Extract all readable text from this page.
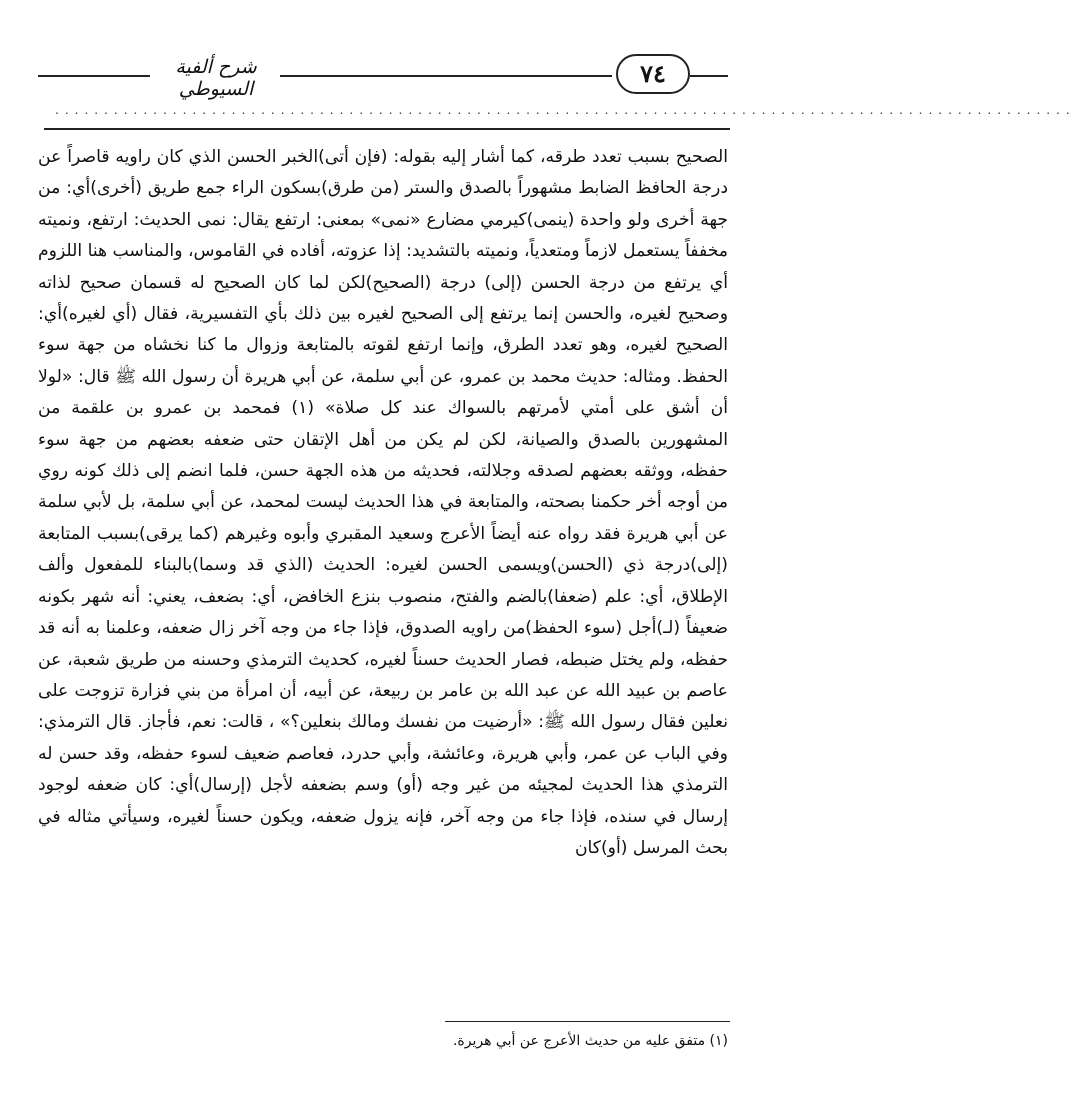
شرح ألفية السيوطي
٧٤
........................................................................................................

الصحيح بسبب تعدد طرقه، كما أشار إليه بقوله: (فإن أتى)الخبر الحسن الذي كان راويه قاصراً عن درجة الحافظ الضابط مشهوراً بالصدق والستر (من طرق)بسكون الراء جمع طريق (أخرى)أي: من جهة أخرى ولو واحدة (ينمى)كيرمي مضارع «نمى» بمعنى: ارتفع يقال: نمى الحديث: ارتفع، ونميته مخففاً يستعمل لازماً ومتعدياً، ونميته بالتشديد: إذا عزوته، أفاده في القاموس، والمناسب هنا اللزوم أي يرتفع من درجة الحسن (إلى) درجة (الصحيح)لكن لما كان الصحيح له قسمان صحيح لذاته وصحيح لغيره، والحسن إنما يرتفع إلى الصحيح لغيره بين ذلك بأي التفسيرية، فقال (أي لغيره)أي: الصحيح لغيره، وهو تعدد الطرق، وإنما ارتفع لقوته بالمتابعة وزوال ما كنا نخشاه من جهة سوء الحفظ. ومثاله: حديث محمد بن عمرو، عن أبي سلمة، عن أبي هريرة أن رسول الله ﷺ قال: «لولا أن أشق على أمتي لأمرتهم بالسواك عند كل صلاة» (١) فمحمد بن عمرو بن علقمة من المشهورين بالصدق والصيانة، لكن لم يكن من أهل الإتقان حتى ضعفه بعضهم من جهة سوء حفظه، ووثقه بعضهم لصدقه وجلالته، فحديثه من هذه الجهة حسن، فلما انضم إلى ذلك كونه روي من أوجه أخر حكمنا بصحته، والمتابعة في هذا الحديث ليست لمحمد، عن أبي سلمة، بل لأبي سلمة عن أبي هريرة فقد رواه عنه أيضاً الأعرج وسعيد المقبري وأبوه وغيرهم (كما يرقى)بسبب المتابعة (إلى)درجة ذي (الحسن)ويسمى الحسن لغيره: الحديث (الذي قد وسما)بالبناء للمفعول وألف الإطلاق، أي: علم (ضعفا)بالضم والفتح، منصوب بنزع الخافض، أي: بضعف، يعني: أنه شهر بكونه ضعيفاً (لـ)أجل (سوء الحفظ)من راويه الصدوق، فإذا جاء من وجه آخر زال ضعفه، وعلمنا به أنه قد حفظه، ولم يختل ضبطه، فصار الحديث حسناً لغيره، كحديث الترمذي وحسنه من طريق شعبة، عن عاصم بن عبيد الله عن عبد الله بن عامر بن ربيعة، عن أبيه، أن امرأة من بني فزارة تزوجت على نعلين فقال رسول الله ﷺ: «أرضيت من نفسك ومالك بنعلين؟» ، قالت: نعم، فأجاز. قال الترمذي: وفي الباب عن عمر، وأبي هريرة، وعائشة، وأبي حدرد، فعاصم ضعيف لسوء حفظه، وقد حسن له الترمذي هذا الحديث لمجيئه من غير وجه (أو) وسم بضعفه لأجل (إرسال)أي: كان ضعفه لوجود إرسال في سنده، فإذا جاء من وجه آخر، فإنه يزول ضعفه، ويكون حسناً لغيره، وسيأتي مثاله في بحث المرسل (أو)كان

(١) متفق عليه من حديث الأعرج عن أبي هريرة.
